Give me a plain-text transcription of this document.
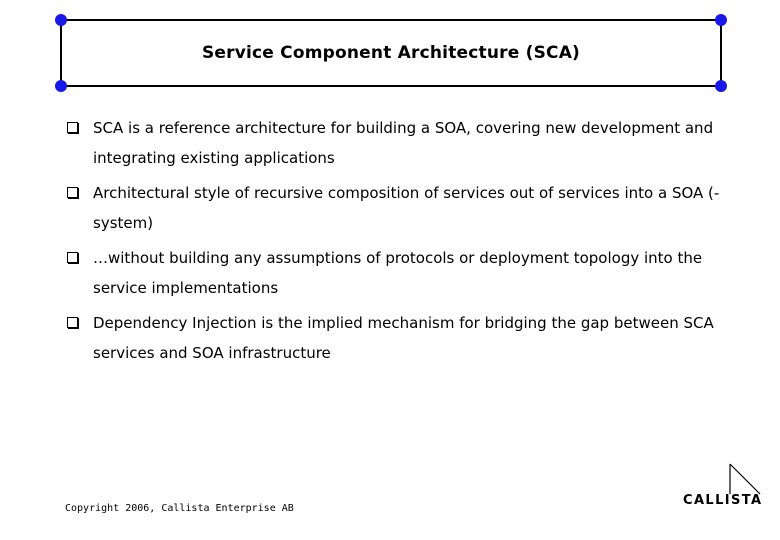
Service Component Architecture (SCA)
SCA is a reference architecture for building a SOA, covering new development and integrating existing applications
Architectural style of recursive composition of services out of services into a SOA (-system)
…without building any assumptions of protocols or deployment topology into the service implementations
Dependency Injection is the implied mechanism for bridging the gap between SCA services and SOA infrastructure
Copyright 2006, Callista Enterprise AB
CALLISTA
